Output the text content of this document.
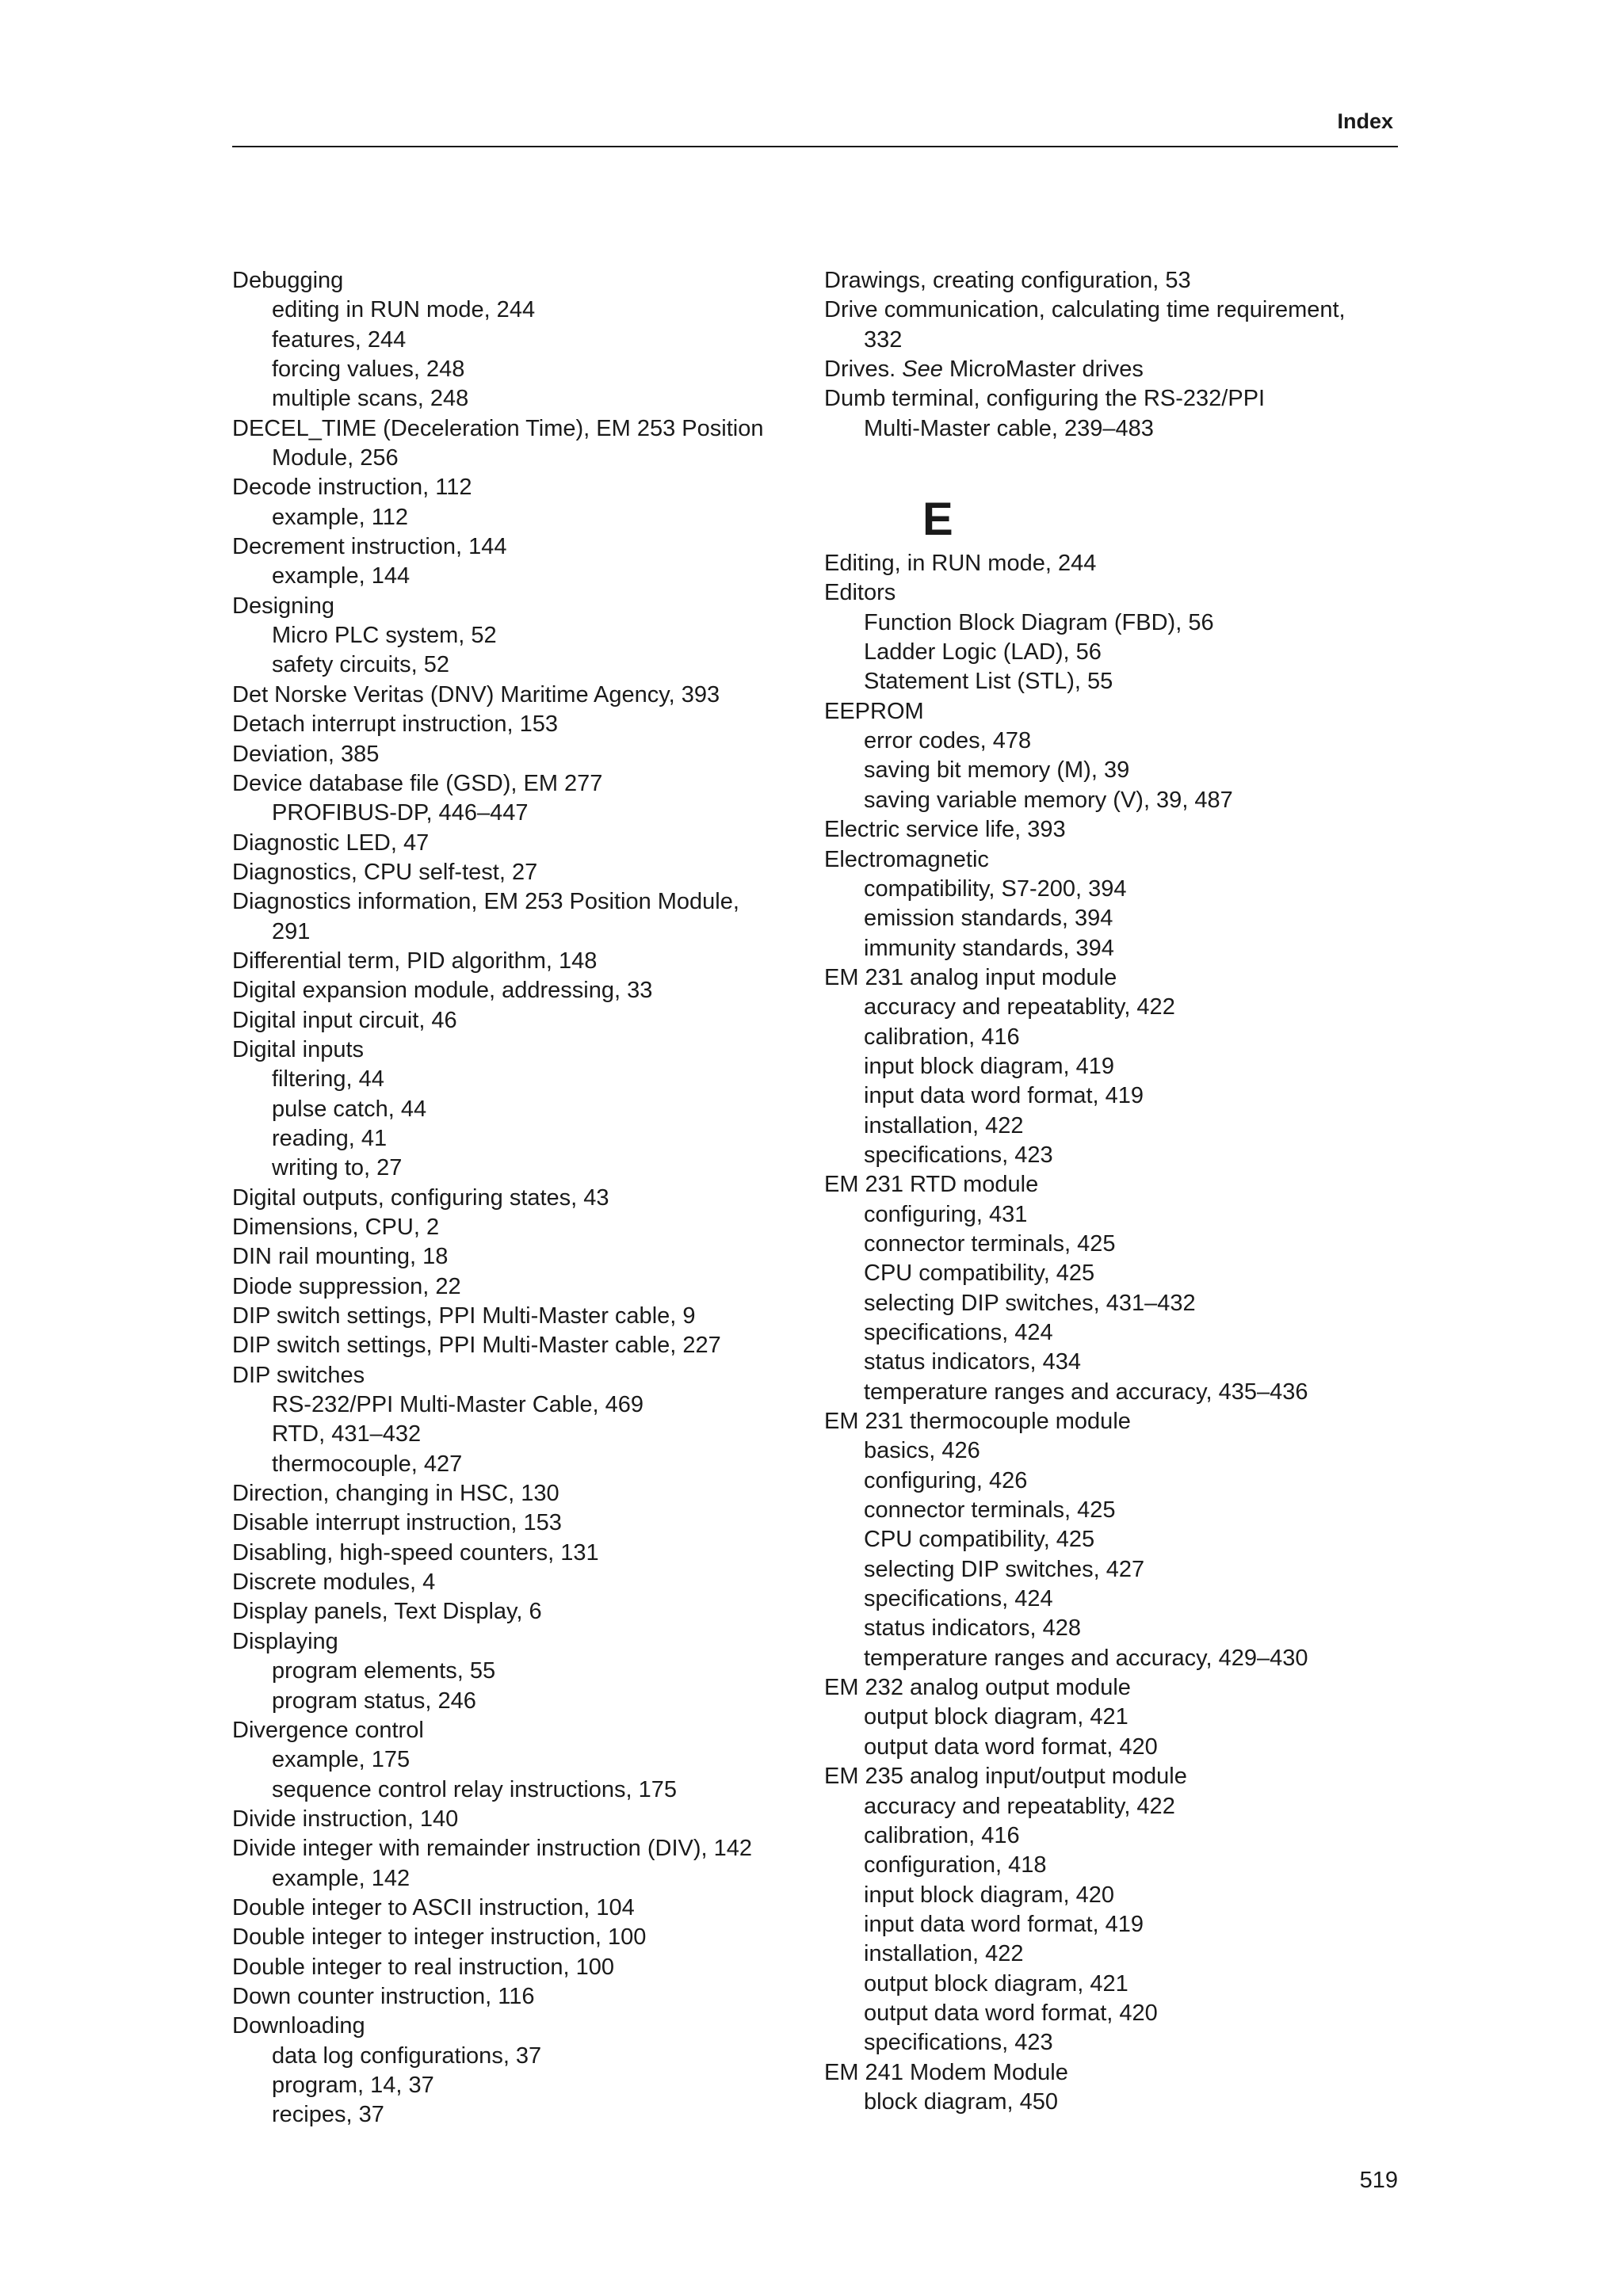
Index
Debugging
editing in RUN mode, 244
features, 244
forcing values, 248
multiple scans, 248
DECEL_TIME (Deceleration Time), EM 253 Position
Module, 256
Decode instruction, 112
example, 112
Decrement instruction, 144
example, 144
Designing
Micro PLC system, 52
safety circuits, 52
Det Norske Veritas (DNV) Maritime Agency, 393
Detach interrupt instruction, 153
Deviation, 385
Device database file (GSD), EM 277
PROFIBUS‑DP, 446–447
Diagnostic LED, 47
Diagnostics, CPU self‑test, 27
Diagnostics information, EM 253 Position Module,
291
Differential term, PID algorithm, 148
Digital expansion module, addressing, 33
Digital input circuit, 46
Digital inputs
filtering, 44
pulse catch, 44
reading, 41
writing to, 27
Digital outputs, configuring states, 43
Dimensions, CPU, 2
DIN rail mounting, 18
Diode suppression, 22
DIP switch settings, PPI Multi‑Master cable, 9
DIP switch settings, PPI Multi‑Master cable, 227
DIP switches
RS‑232/PPI Multi‑Master Cable, 469
RTD, 431–432
thermocouple, 427
Direction, changing in HSC, 130
Disable interrupt instruction, 153
Disabling, high‑speed counters, 131
Discrete modules, 4
Display panels, Text Display, 6
Displaying
program elements, 55
program status, 246
Divergence control
example, 175
sequence control relay instructions, 175
Divide instruction, 140
Divide integer with remainder instruction (DIV), 142
example, 142
Double integer to ASCII instruction, 104
Double integer to integer instruction, 100
Double integer to real instruction, 100
Down counter instruction, 116
Downloading
data log configurations, 37
program, 14, 37
recipes, 37
Drawings, creating configuration, 53
Drive communication, calculating time requirement,
332
Drives. See MicroMaster drives
Dumb terminal, configuring the RS‑232/PPI
Multi‑Master cable, 239–483
E
Editing, in RUN mode, 244
Editors
Function Block Diagram (FBD), 56
Ladder Logic (LAD), 56
Statement List (STL), 55
EEPROM
error codes, 478
saving bit memory (M), 39
saving variable memory (V), 39, 487
Electric service life, 393
Electromagnetic
compatibility, S7‑200, 394
emission standards, 394
immunity standards, 394
EM 231 analog input module
accuracy and repeatablity, 422
calibration, 416
input block diagram, 419
input data word format, 419
installation, 422
specifications, 423
EM 231 RTD module
configuring, 431
connector terminals, 425
CPU compatibility, 425
selecting DIP switches, 431–432
specifications, 424
status indicators, 434
temperature ranges and accuracy, 435–436
EM 231 thermocouple module
basics, 426
configuring, 426
connector terminals, 425
CPU compatibility, 425
selecting DIP switches, 427
specifications, 424
status indicators, 428
temperature ranges and accuracy, 429–430
EM 232 analog output module
output block diagram, 421
output data word format, 420
EM 235 analog input/output module
accuracy and repeatablity, 422
calibration, 416
configuration, 418
input block diagram, 420
input data word format, 419
installation, 422
output block diagram, 421
output data word format, 420
specifications, 423
EM 241 Modem Module
block diagram, 450
519
